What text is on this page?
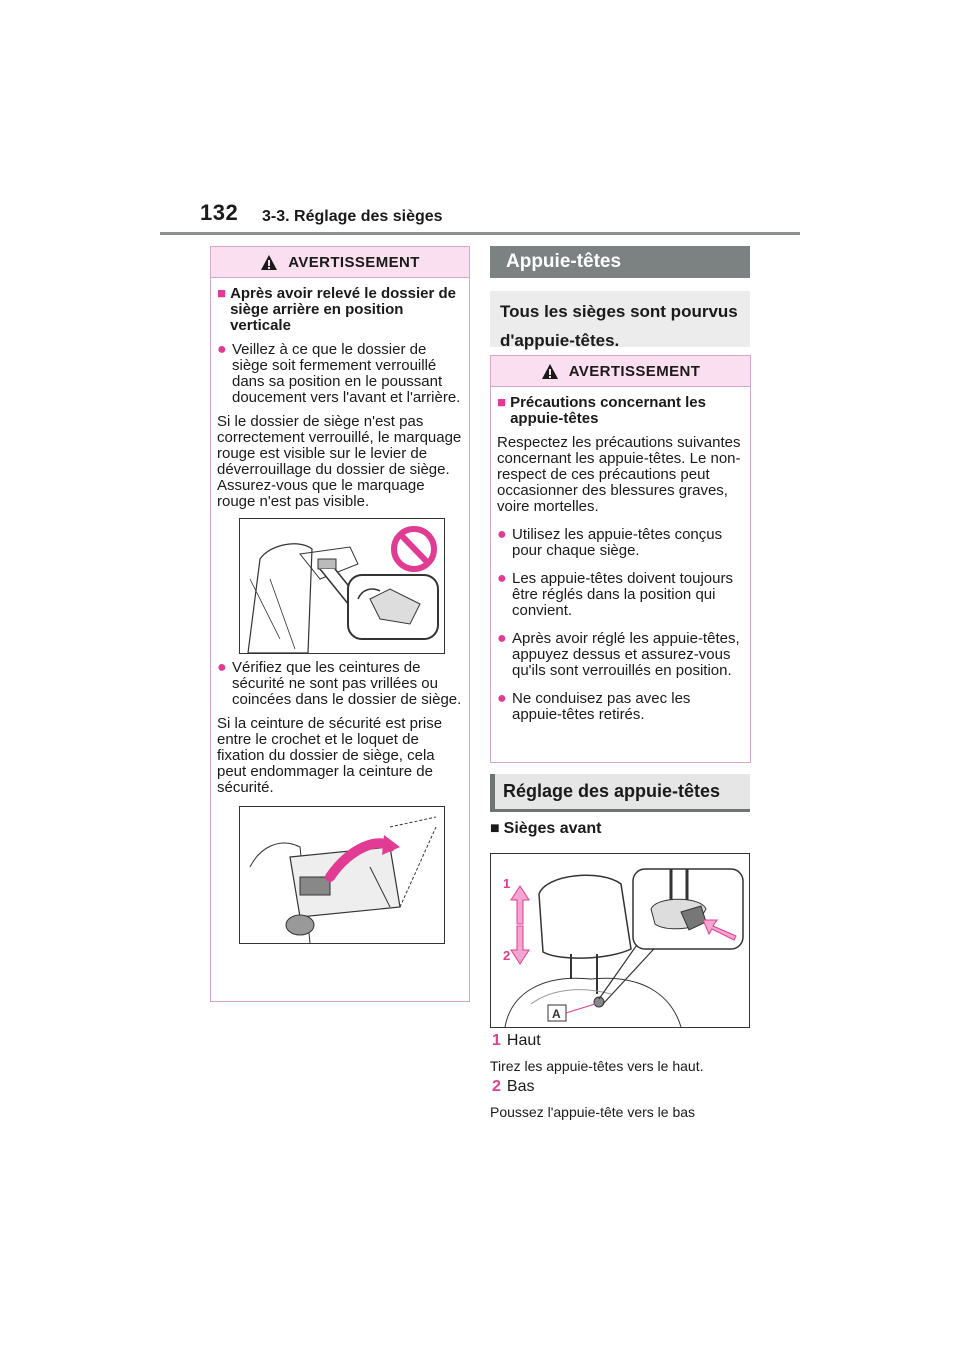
132 3-3. Réglage des sièges
AVERTISSEMENT
■ Après avoir relevé le dossier de siège arrière en position verticale
● Veillez à ce que le dossier de siège soit fermement verrouillé dans sa position en le poussant doucement vers l'avant et l'arrière.
Si le dossier de siège n'est pas correctement verrouillé, le marquage rouge est visible sur le levier de déverrouillage du dossier de siège. Assurez-vous que le marquage rouge n'est pas visible.
● Vérifiez que les ceintures de sécurité ne sont pas vrillées ou coincées dans le dossier de siège.
Si la ceinture de sécurité est prise entre le crochet et le loquet de fixation du dossier de siège, cela peut endommager la ceinture de sécurité.
Appuie-têtes
Tous les sièges sont pourvus d'appuie-têtes.
AVERTISSEMENT
■ Précautions concernant les appuie-têtes
Respectez les précautions suivantes concernant les appuie-têtes. Le non-respect de ces précautions peut occasionner des blessures graves, voire mortelles.
● Utilisez les appuie-têtes conçus pour chaque siège.
● Les appuie-têtes doivent toujours être réglés dans la position qui convient.
● Après avoir réglé les appuie-têtes, appuyez dessus et assurez-vous qu'ils sont verrouillés en position.
● Ne conduisez pas avec les appuie-têtes retirés.
Réglage des appuie-têtes
■ Sièges avant
1
2
A
1 Haut
Tirez les appuie-têtes vers le haut.
2 Bas
Poussez l'appuie-tête vers le bas
